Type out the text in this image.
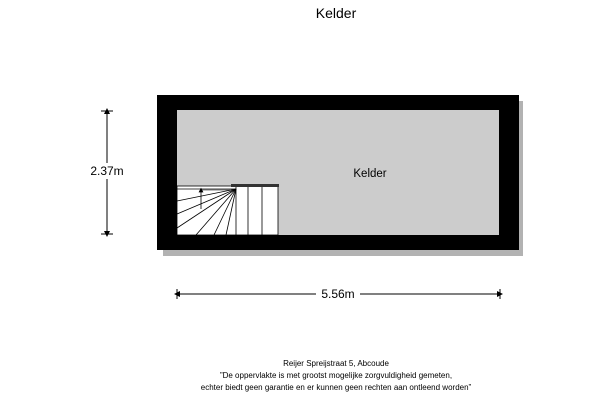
Kelder
Kelder
2.37m
5.56m
Reijer Spreijstraat 5, Abcoude
”De oppervlakte is met grootst mogelijke zorgvuldigheid gemeten,
echter biedt geen garantie en er kunnen geen rechten aan ontleend worden”
